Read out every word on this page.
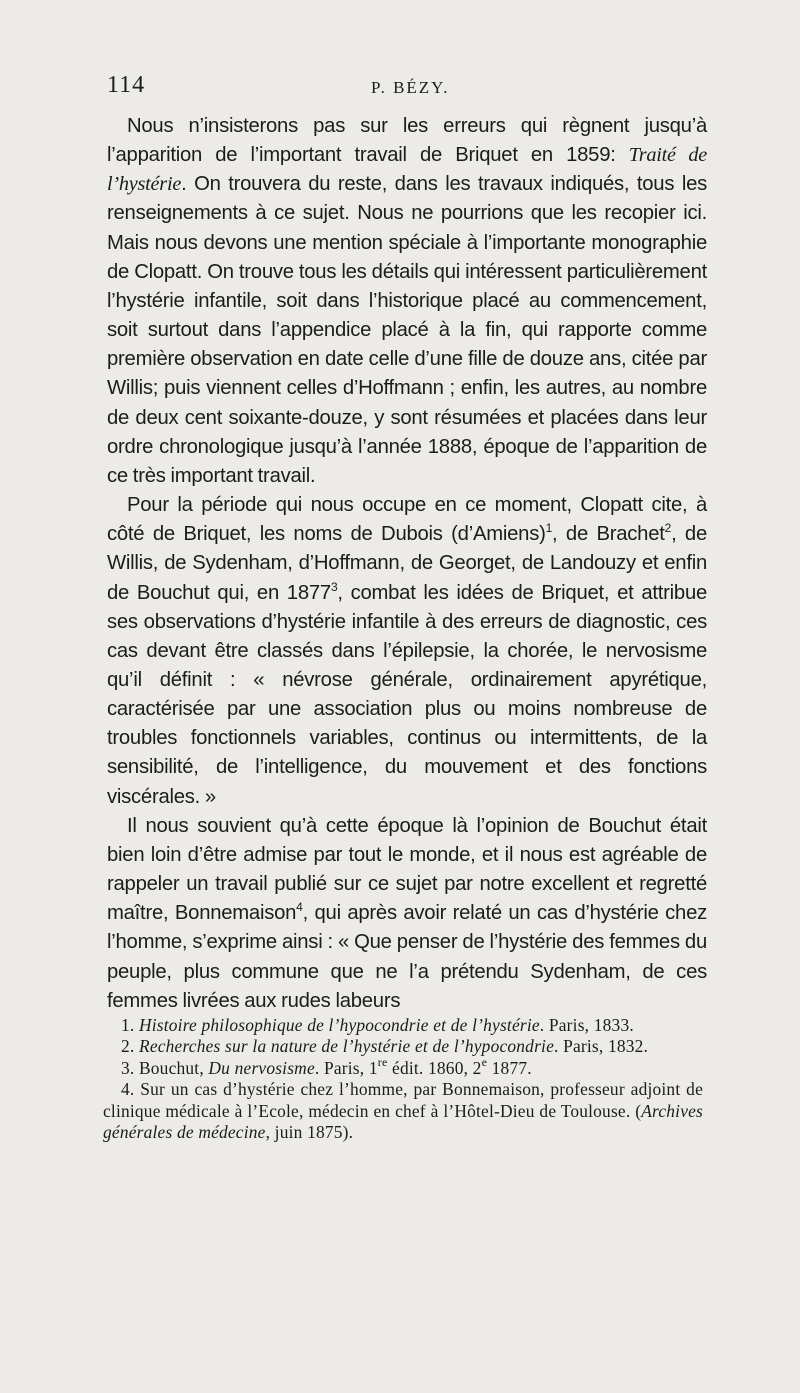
114	P. BÉZY.

Nous n’insisterons pas sur les erreurs qui règnent jusqu’à l’apparition de l’important travail de Briquet en 1859: Traité de l’hystérie. On trouvera du reste, dans les travaux indiqués, tous les renseignements à ce sujet. Nous ne pourrions que les recopier ici. Mais nous devons une mention spéciale à l’importante monographie de Clopatt. On trouve tous les détails qui intéressent particulièrement l’hystérie infantile, soit dans l’historique placé au commencement, soit surtout dans l’appendice placé à la fin, qui rapporte comme première observation en date celle d’une fille de douze ans, citée par Willis; puis viennent celles d’Hoffmann ; enfin, les autres, au nombre de deux cent soixante-douze, y sont résumées et placées dans leur ordre chronologique jusqu’à l’année 1888, époque de l’apparition de ce très important travail.

Pour la période qui nous occupe en ce moment, Clopatt cite, à côté de Briquet, les noms de Dubois (d’Amiens)$^1$, de Brachet$^2$, de Willis, de Sydenham, d’Hoffmann, de Georget, de Landouzy et enfin de Bouchut qui, en 1877$^3$, combat les idées de Briquet, et attribue ses observations d’hystérie infantile à des erreurs de diagnostic, ces cas devant être classés dans l’épilepsie, la chorée, le nervosisme qu’il définit : « névrose générale, ordinairement apyrétique, caractérisée par une association plus ou moins nombreuse de troubles fonctionnels variables, continus ou intermittents, de la sensibilité, de l’intelligence, du mouvement et des fonctions viscérales. »

Il nous souvient qu’à cette époque là l’opinion de Bouchut était bien loin d’être admise par tout le monde, et il nous est agréable de rappeler un travail publié sur ce sujet par notre excellent et regretté maître, Bonnemaison$^4$, qui après avoir relaté un cas d’hystérie chez l’homme, s’exprime ainsi : « Que penser de l’hystérie des femmes du peuple, plus commune que ne l’a prétendu Sydenham, de ces femmes livrées aux rudes labeurs

1. Histoire philosophique de l’hypocondrie et de l’hystérie. Paris, 1833.

2. Recherches sur la nature de l’hystérie et de l’hypocondrie. Paris, 1832.

3. Bouchut, Du nervosisme. Paris, 1re édit. 1860, 2e 1877.

4. Sur un cas d’hystérie chez l’homme, par Bonnemaison, professeur adjoint de clinique médicale à l’Ecole, médecin en chef à l’Hôtel-Dieu de Toulouse. (Archives générales de médecine, juin 1875).
